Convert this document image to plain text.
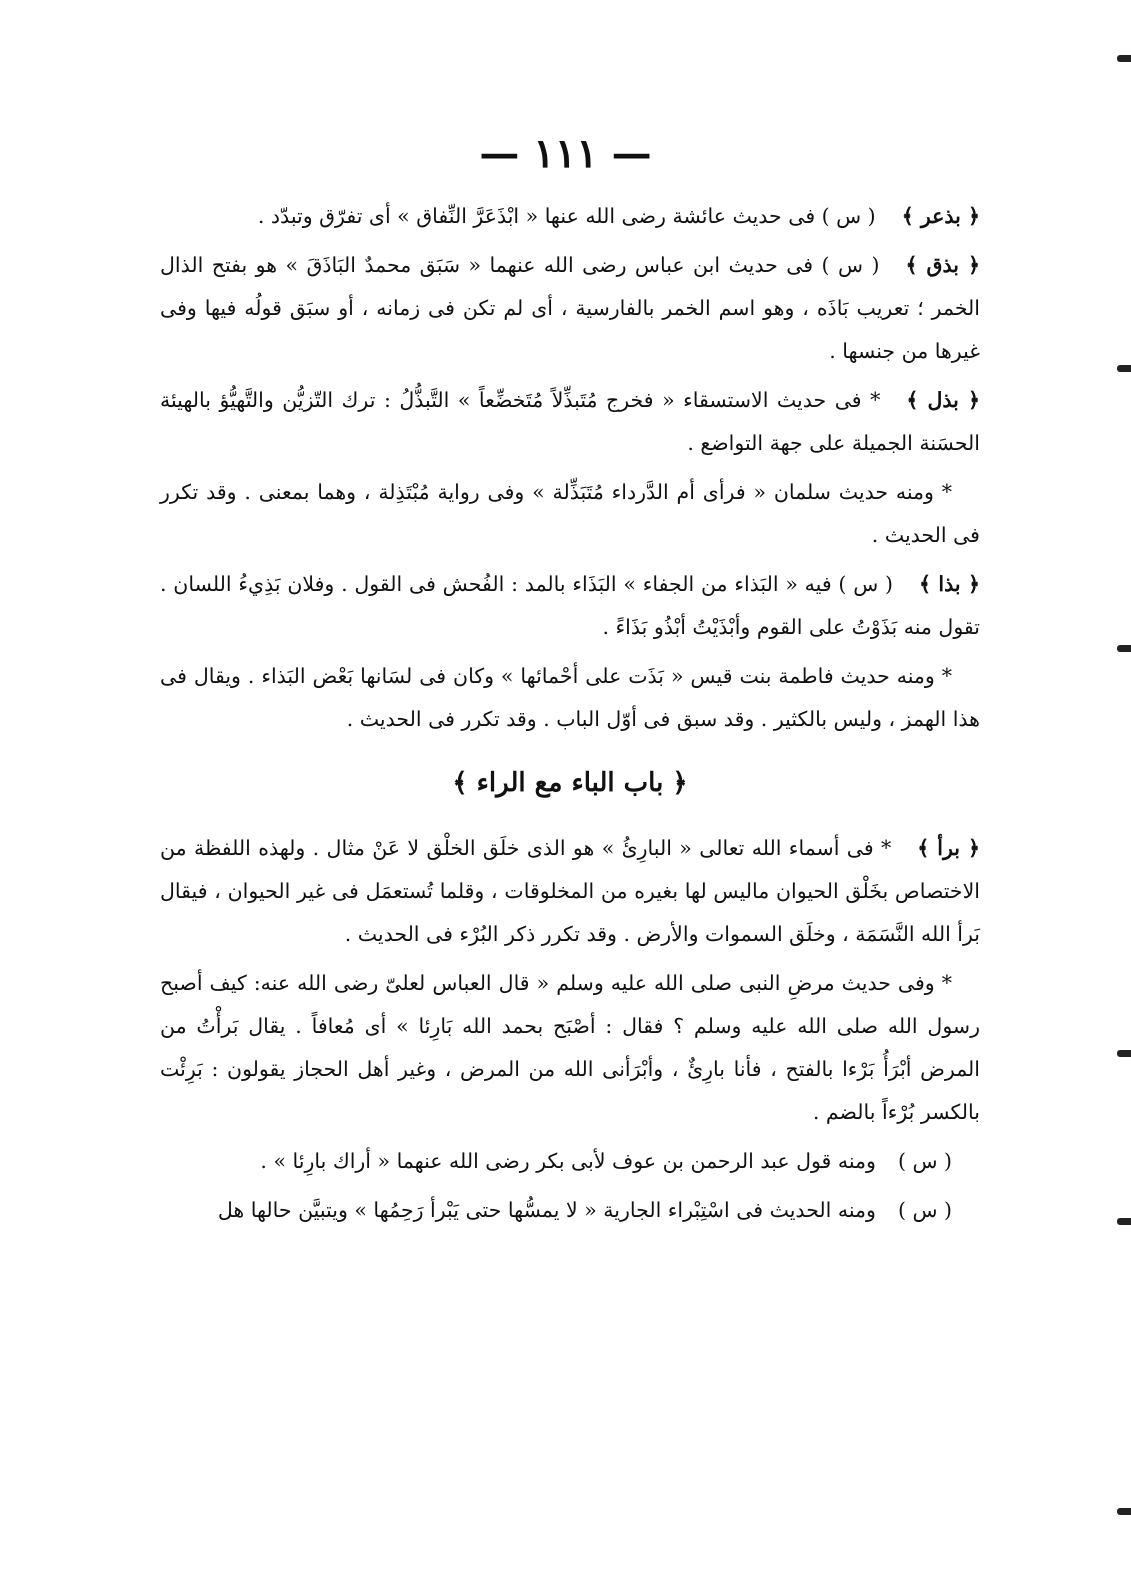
— ١١١ —

﴿ بذعر ﴾( س ) فى حديث عائشة رضى الله عنها « ابْذَعَرَّ النِّفاق » أى تفرّق وتبدّد .

﴿ بذق ﴾( س ) فى حديث ابن عباس رضى الله عنهما « سَبَق محمدٌ البَاذَقَ » هو بفتح الذال الخمر ؛ تعريب بَاذَه ، وهو اسم الخمر بالفارسية ، أى لم تكن فى زمانه ، أو سبَق قولُه فيها وفى غيرها من جنسها .

﴿ بذل ﴾* فى حديث الاستسقاء « فخرج مُتَبذِّلاً مُتَخضِّعاً » التَّبذُّلُ : ترك التّزيُّن والتَّهيُّؤ بالهيئة الحسَنة الجميلة على جهة التواضع .

* ومنه حديث سلمان « فرأى أم الدَّرداء مُتَبَذِّلة » وفى رواية مُبْتَذِلة ، وهما بمعنى . وقد تكرر فى الحديث .

﴿ بذا ﴾( س ) فيه « البَذاء من الجفاء » البَذَاء بالمد : الفُحش فى القول . وفلان بَذِيءُ اللسان . تقول منه بَذَوْتُ على القوم وأبْذَيْتُ أبْذُو بَذَاءً .

* ومنه حديث فاطمة بنت قيس « بَذَت على أحْمائها » وكان فى لسَانها بَعْض البَذاء . ويقال فى هذا الهمز ، وليس بالكثير . وقد سبق فى أوّل الباب . وقد تكرر فى الحديث .

﴿ باب الباء مع الراء ﴾

﴿ برأ ﴾* فى أسماء الله تعالى « البارِئُ » هو الذى خلَق الخلْق لا عَنْ مثال . ولهذه اللفظة من الاختصاص بخَلْق الحيوان ماليس لها بغيره من المخلوقات ، وقلما تُستعمَل فى غير الحيوان ، فيقال بَرأ الله النَّسَمَة ، وخلَق السموات والأرض . وقد تكرر ذكر البُرْء فى الحديث .

* وفى حديث مرضِ النبى صلى الله عليه وسلم « قال العباس لعلىّ رضى الله عنه: كيف أصبح رسول الله صلى الله عليه وسلم ؟ فقال : أصْبَح بحمد الله بَارِئا » أى مُعافاً . يقال بَرأْتُ من المرض أبْرَأُ بَرْءا بالفتح ، فأنا بارِئٌ ، وأبْرَأنى الله من المرض ، وغير أهل الحجاز يقولون : بَرِئْت بالكسر بُرْءاً بالضم .

( س )ومنه قول عبد الرحمن بن عوف لأبى بكر رضى الله عنهما « أراك بارِئا » .

( س )ومنه الحديث فى اسْتِبْراء الجارية « لا يمسُّها حتى يَبْرأ رَحِمُها » ويتبيَّن حالها هل
